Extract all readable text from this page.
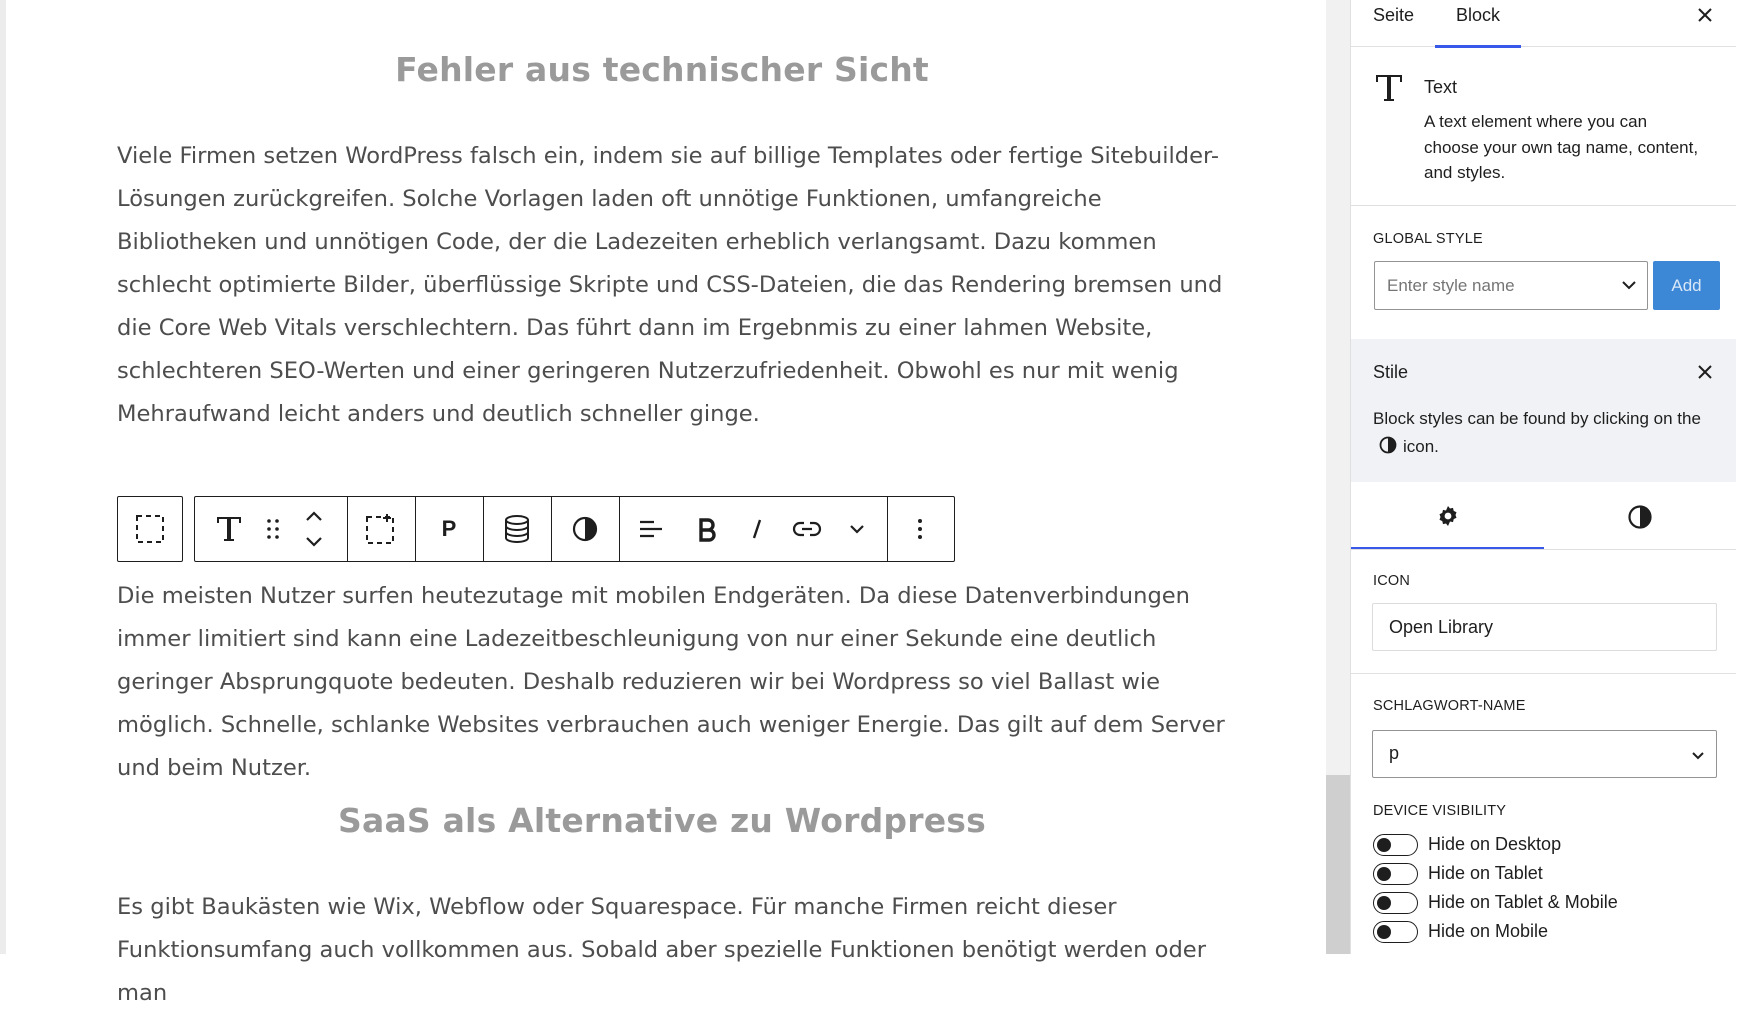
Fehler aus technischer Sicht
Viele Firmen setzen WordPress falsch ein, indem sie auf billige Templates oder fertige Sitebuilder-Lösungen zurückgreifen. Solche Vorlagen laden oft unnötige Funktionen, umfangreiche Bibliotheken und unnötigen Code, der die Ladezeiten erheblich verlangsamt. Dazu kommen schlecht optimierte Bilder, überflüssige Skripte und CSS-Dateien, die das Rendering bremsen und die Core Web Vitals verschlechtern. Das führt dann im Ergebnmis zu einer lahmen Website, schlechteren SEO-Werten und einer geringeren Nutzerzufriedenheit. Obwohl es nur mit wenig Mehraufwand leicht anders und deutlich schneller ginge.
P
Die meisten Nutzer surfen heutezutage mit mobilen Endgeräten. Da diese Datenverbindungen immer limitiert sind kann eine Ladezeitbeschleunigung von nur einer Sekunde eine deutlich geringer Absprungquote bedeuten. Deshalb reduzieren wir bei Wordpress so viel Ballast wie möglich. Schnelle, schlanke Websites verbrauchen auch weniger Energie. Das gilt auf dem Server und beim Nutzer.
SaaS als Alternative zu Wordpress
Es gibt Baukästen wie Wix, Webflow oder Squarespace. Für manche Firmen reicht dieser Funktionsumfang auch vollkommen aus. Sobald aber spezielle Funktionen benötigt werden oder man
Seite	Block
Text
A text element where you can choose your own tag name, content, and styles.
GLOBAL STYLE
Enter style name	Add
Stile
Block styles can be found by clicking on the icon.
ICON
Open Library
SCHLAGWORT-NAME
p
DEVICE VISIBILITY
Hide on Desktop
Hide on Tablet
Hide on Tablet & Mobile
Hide on Mobile
